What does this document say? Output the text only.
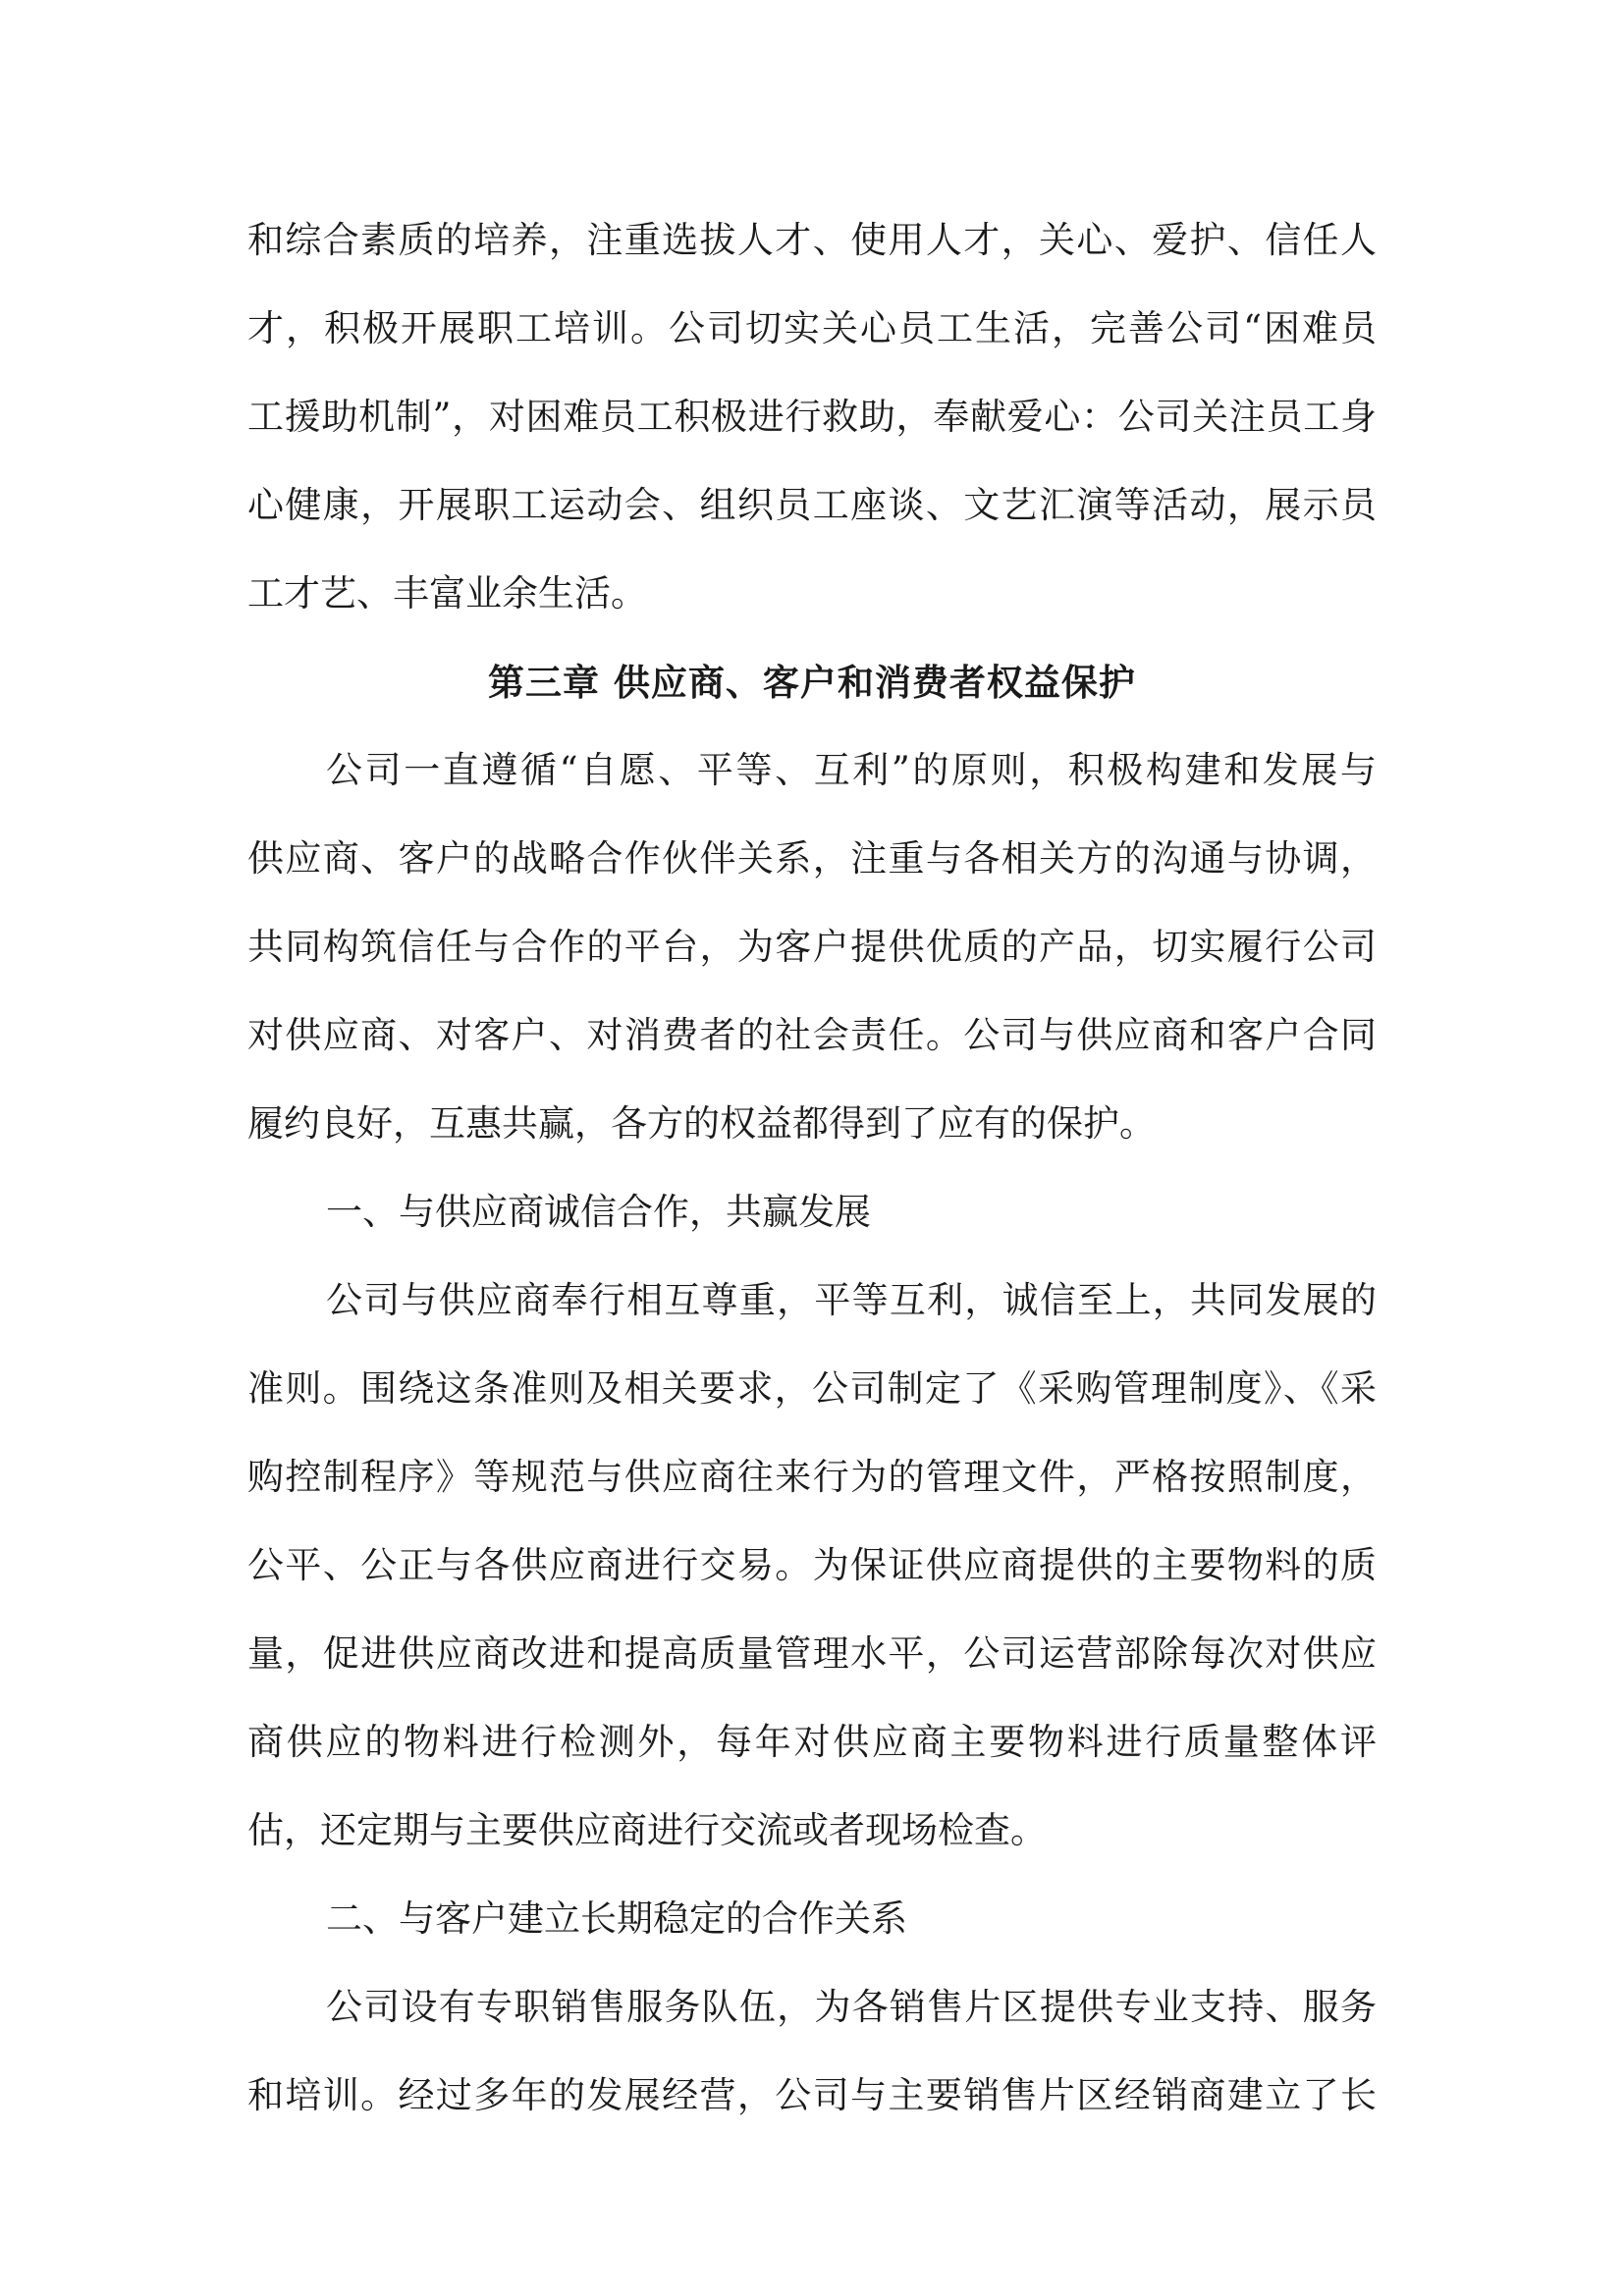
和综合素质的培养，注重选拔人才、使用人才，关心、爱护、信任人
才，积极开展职工培训。公司切实关心员工生活，完善公司“困难员
工援助机制”，对困难员工积极进行救助，奉献爱心：公司关注员工身
心健康，开展职工运动会、组织员工座谈、文艺汇演等活动，展示员
工才艺、丰富业余生活。
第三章 供应商、客户和消费者权益保护
公司一直遵循“自愿、平等、互利”的原则，积极构建和发展与
供应商、客户的战略合作伙伴关系，注重与各相关方的沟通与协调，
共同构筑信任与合作的平台，为客户提供优质的产品，切实履行公司
对供应商、对客户、对消费者的社会责任。公司与供应商和客户合同
履约良好，互惠共赢，各方的权益都得到了应有的保护。
一、与供应商诚信合作，共赢发展
公司与供应商奉行相互尊重，平等互利，诚信至上，共同发展的
准则。围绕这条准则及相关要求，公司制定了《采购管理制度》、《采
购控制程序》等规范与供应商往来行为的管理文件，严格按照制度，
公平、公正与各供应商进行交易。为保证供应商提供的主要物料的质
量，促进供应商改进和提高质量管理水平，公司运营部除每次对供应
商供应的物料进行检测外，每年对供应商主要物料进行质量整体评
估，还定期与主要供应商进行交流或者现场检查。
二、与客户建立长期稳定的合作关系
公司设有专职销售服务队伍，为各销售片区提供专业支持、服务
和培训。经过多年的发展经营，公司与主要销售片区经销商建立了长
